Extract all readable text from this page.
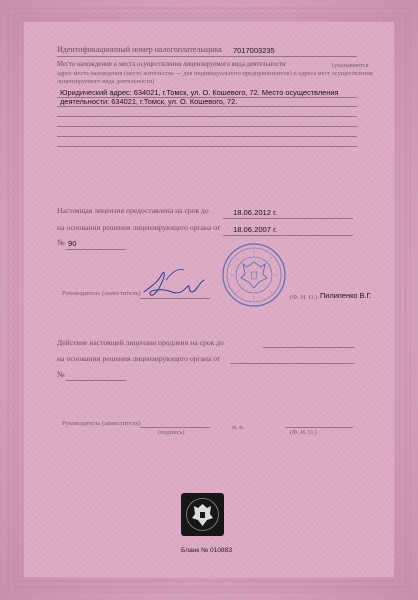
Идентификационный номер налогоплательщика 7017003235
Место нахождения и места осуществления лицензируемого вида деятельности	(указываются
адрес места нахождения (место жительства — для индивидуального предпринимателя) и адреса мест осуществления
лицензируемого вида деятельности)
Юридический адрес: 634021, г.Томск, ул. О. Кошевого, 72. Место осуществления
деятельности: 634021, г.Томск, ул. О. Кошевого, 72.
Настоящая лицензия предоставлена на срок до	18.06.2012 г.
на основании решения лицензирующего органа от 18.06.2007 г.
№ 90
Руководитель (заместитель)
(Ф. И. О.) Пилипенко В.Г.
Действие настоящей лицензии продлено на срок до
на основании решения лицензирующего органа от
№
Руководитель (заместитель)
(подпись)
м. п.
(Ф. И. О.)
Бланк № 010883
